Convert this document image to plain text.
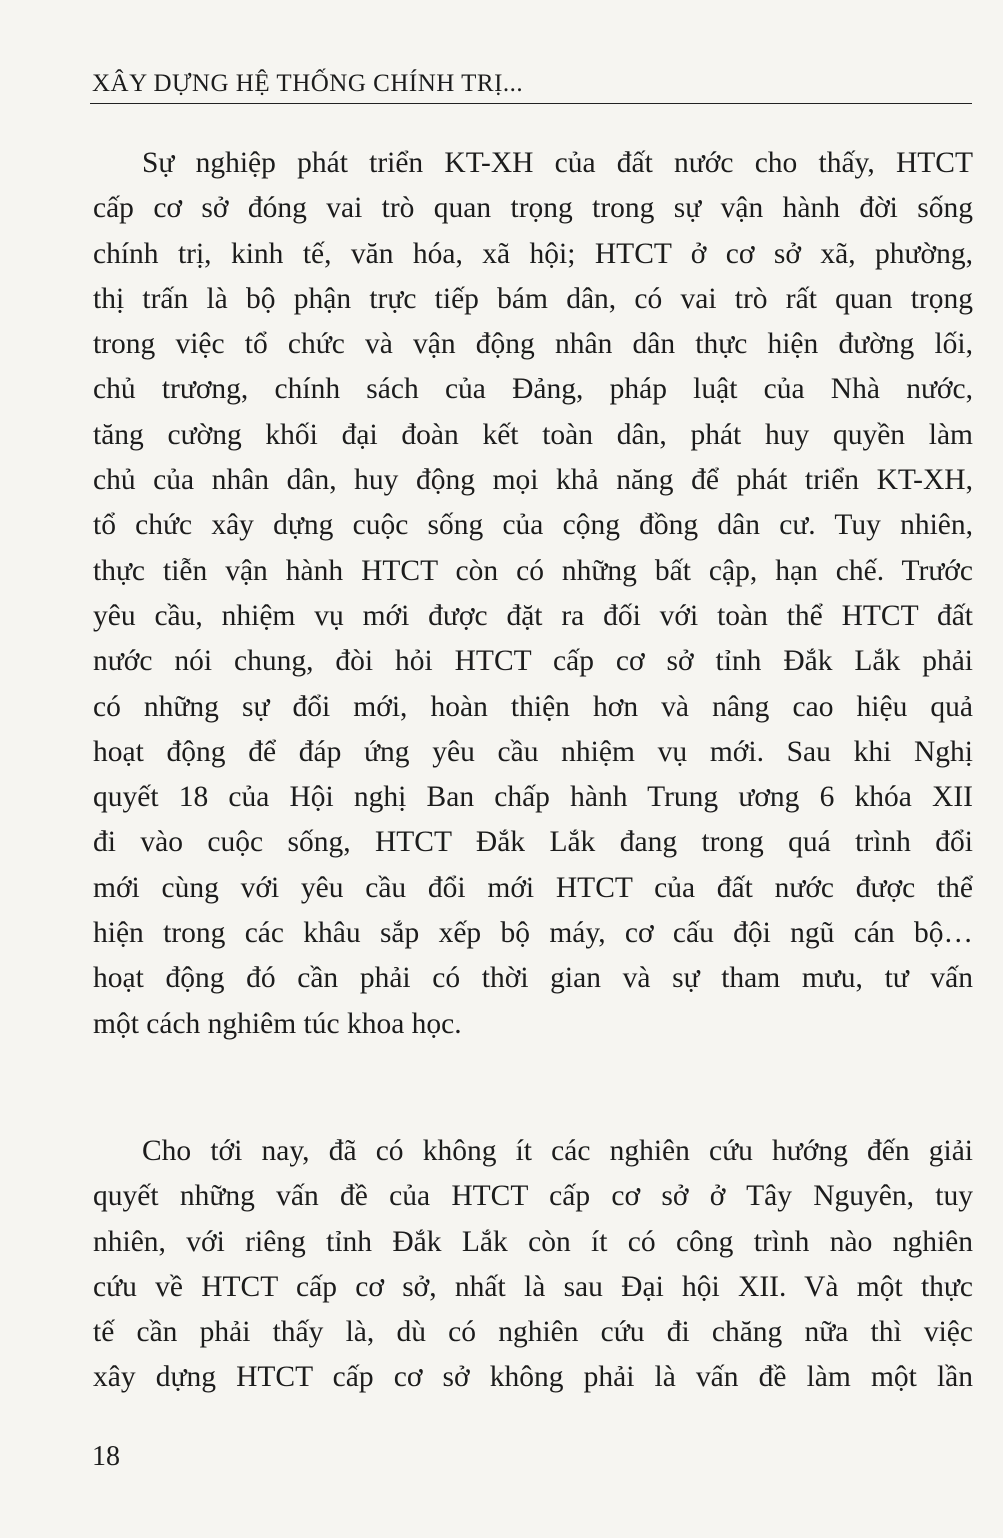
XÂY DỰNG HỆ THỐNG CHÍNH TRỊ...
Sự nghiệp phát triển KT-XH của đất nước cho thấy, HTCT
cấp cơ sở đóng vai trò quan trọng trong sự vận hành đời sống
chính trị, kinh tế, văn hóa, xã hội; HTCT ở cơ sở xã, phường,
thị trấn là bộ phận trực tiếp bám dân, có vai trò rất quan trọng
trong việc tổ chức và vận động nhân dân thực hiện đường lối,
chủ trương, chính sách của Đảng, pháp luật của Nhà nước,
tăng cường khối đại đoàn kết toàn dân, phát huy quyền làm
chủ của nhân dân, huy động mọi khả năng để phát triển KT-XH,
tổ chức xây dựng cuộc sống của cộng đồng dân cư. Tuy nhiên,
thực tiễn vận hành HTCT còn có những bất cập, hạn chế. Trước
yêu cầu, nhiệm vụ mới được đặt ra đối với toàn thể HTCT đất
nước nói chung, đòi hỏi HTCT cấp cơ sở tỉnh Đắk Lắk phải
có những sự đổi mới, hoàn thiện hơn và nâng cao hiệu quả
hoạt động để đáp ứng yêu cầu nhiệm vụ mới. Sau khi Nghị
quyết 18 của Hội nghị Ban chấp hành Trung ương 6 khóa XII
đi vào cuộc sống, HTCT Đắk Lắk đang trong quá trình đổi
mới cùng với yêu cầu đổi mới HTCT của đất nước được thể
hiện trong các khâu sắp xếp bộ máy, cơ cấu đội ngũ cán bộ…
hoạt động đó cần phải có thời gian và sự tham mưu, tư vấn
một cách nghiêm túc khoa học.
Cho tới nay, đã có không ít các nghiên cứu hướng đến giải
quyết những vấn đề của HTCT cấp cơ sở ở Tây Nguyên, tuy
nhiên, với riêng tỉnh Đắk Lắk còn ít có công trình nào nghiên
cứu về HTCT cấp cơ sở, nhất là sau Đại hội XII. Và một thực
tế cần phải thấy là, dù có nghiên cứu đi chăng nữa thì việc
xây dựng HTCT cấp cơ sở không phải là vấn đề làm một lần
18
